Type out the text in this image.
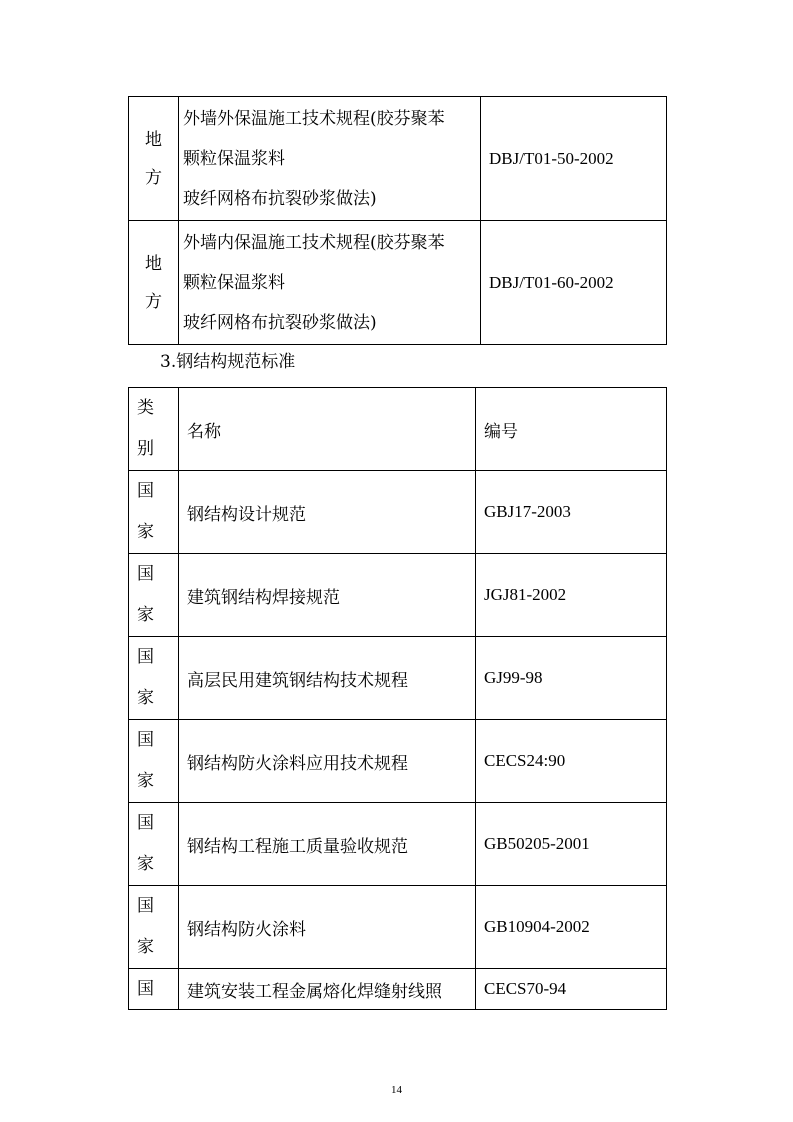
地
方	外墙外保温施工技术规程(胶芬聚苯
颗粒保温浆料
玻纤网格布抗裂砂浆做法)	DBJ/T01-50-2002

地
方	外墙内保温施工技术规程(胶芬聚苯
颗粒保温浆料
玻纤网格布抗裂砂浆做法)	DBJ/T01-60-2002
3.钢结构规范标准
类
别	名称	编号

国
家	钢结构设计规范	GBJ17-2003

国
家	建筑钢结构焊接规范	JGJ81-2002

国
家	高层民用建筑钢结构技术规程	GJ99-98

国
家	钢结构防火涂料应用技术规程	CECS24:90

国
家	钢结构工程施工质量验收规范	GB50205-2001

国
家	钢结构防火涂料	GB10904-2002

国	建筑安装工程金属熔化焊缝射线照	CECS70-94
14
